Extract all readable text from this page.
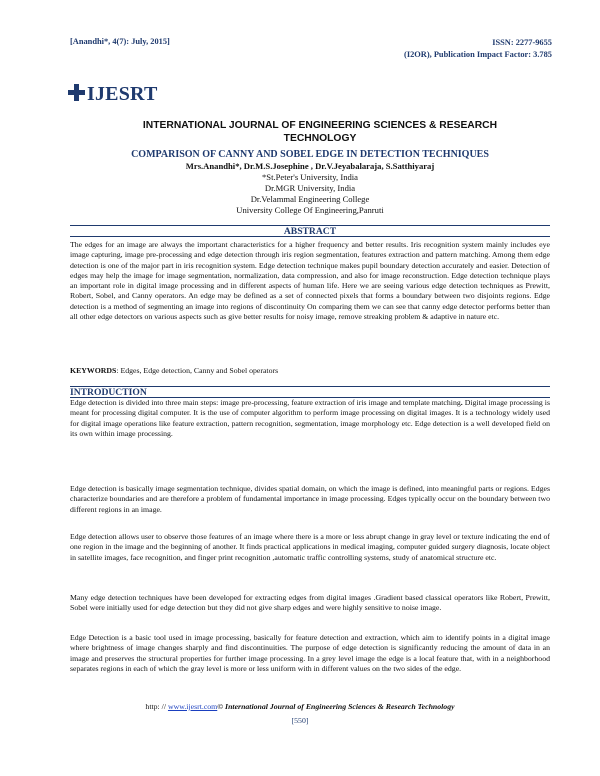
[Anandhi*, 4(7): July, 2015]	ISSN: 2277-9655
(I2OR), Publication Impact Factor: 3.785
IJESRT
INTERNATIONAL JOURNAL OF ENGINEERING SCIENCES & RESEARCH TECHNOLOGY
COMPARISON OF CANNY AND SOBEL EDGE IN DETECTION TECHNIQUES
Mrs.Anandhi*, Dr.M.S.Josephine , Dr.V.Jeyabalaraja, S.Satthiyaraj
*St.Peter's University, India
Dr.MGR University, India
Dr.Velammal Engineering College
University College Of Engineering,Panruti
ABSTRACT

The edges for an image are always the important characteristics for a higher frequency and better results. Iris recognition system mainly includes eye image capturing, image pre-processing and edge detection through iris region segmentation, features extraction and pattern matching. Among them edge detection is one of the major part in iris recognition system. Edge detection technique makes pupil boundary detection accurately and easier. Detection of edges may help the image for image segmentation, normalization, data compression, and also for image reconstruction. Edge detection technique plays an important role in digital image processing and in different aspects of human life. Here we are seeing various edge detection techniques as Prewitt, Robert, Sobel, and Canny operators. An edge may be defined as a set of connected pixels that forms a boundary between two disjoints regions. Edge detection is a method of segmenting an image into regions of discontinuity On comparing them we can see that canny edge detector performs better than all other edge detectors on various aspects such as give better results for noisy image, remove streaking problem & adaptive in nature etc.

KEYWORDS: Edges, Edge detection, Canny and Sobel operators
INTRODUCTION

Edge detection is divided into three main steps: image pre-processing, feature extraction of iris image and template matching. Digital image processing is meant for processing digital computer. It is the use of computer algorithm to perform image processing on digital images. It is a technology widely used for digital image operations like feature extraction, pattern recognition, segmentation, image morphology etc. Edge detection is a well developed field on its own within image processing.

Edge detection is basically image segmentation technique, divides spatial domain, on which the image is defined, into meaningful parts or regions. Edges characterize boundaries and are therefore a problem of fundamental importance in image processing. Edges typically occur on the boundary between two different regions in an image.

Edge detection allows user to observe those features of an image where there is a more or less abrupt change in gray level or texture indicating the end of one region in the image and the beginning of another. It finds practical applications in medical imaging, computer guided surgery diagnosis, locate object in satellite images, face recognition, and finger print recognition ,automatic traffic controlling systems, study of anatomical structure etc.

Many edge detection techniques have been developed for extracting edges from digital images .Gradient based classical operators like Robert, Prewitt, Sobel were initially used for edge detection but they did not give sharp edges and were highly sensitive to noise image.

Edge Detection is a basic tool used in image processing, basically for feature detection and extraction, which aim to identify points in a digital image where brightness of image changes sharply and find discontinuities. The purpose of edge detection is significantly reducing the amount of data in an image and preserves the structural properties for further image processing. In a grey level image the edge is a local feature that, with in a neighborhood separates regions in each of which the gray level is more or less uniform with in different values on the two sides of the edge.

http: // www.ijesrt.com© International Journal of Engineering Sciences & Research Technology
[550]
